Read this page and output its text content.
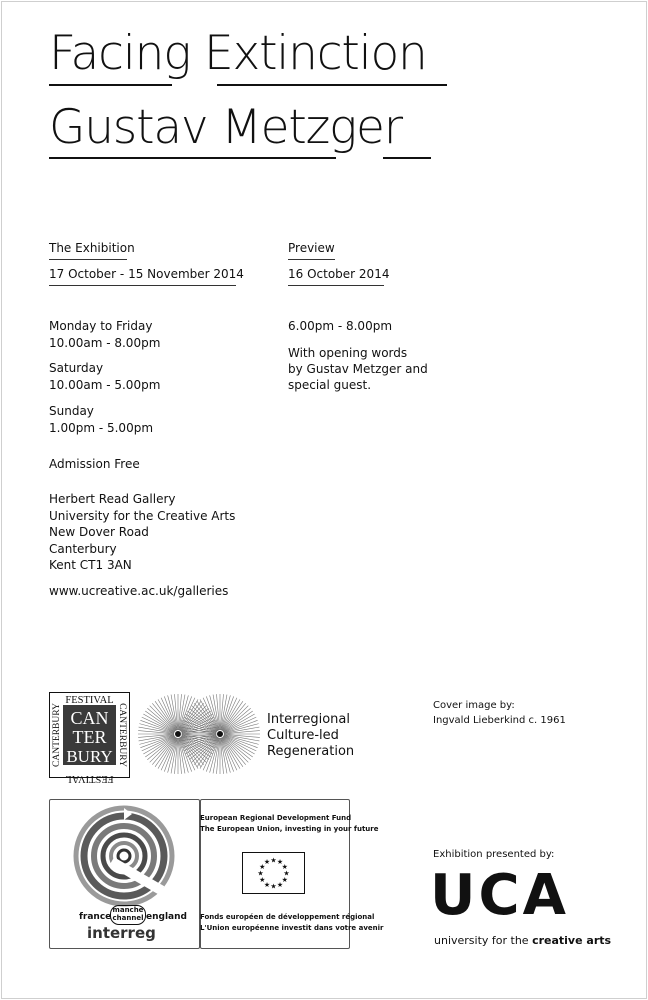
Facing Extinction
Gustav Metzger
The Exhibition
17 October - 15 November 2014
Preview
16 October 2014
Monday to Friday
10.00am - 8.00pm
Saturday
10.00am - 5.00pm
Sunday
1.00pm - 5.00pm
6.00pm - 8.00pm
With opening words
by Gustav Metzger and
special guest.
Admission Free
Herbert Read Gallery
University for the Creative Arts
New Dover Road
Canterbury
Kent CT1 3AN
www.ucreative.ac.uk/galleries
FESTIVAL
FESTIVAL
CANTERBURY	CANTERBURY
CAN
TER
BURY
Interregional
Culture-led
Regeneration
Cover image by:
Ingvald Lieberkind c. 1961
france
manche
channel england
interreg
European Regional Development Fund
The European Union, investing in your future
★
★
★
★
★
★
★
★
★ ★ ★
★
Fonds européen de développement régional
L'Union européenne investit dans votre avenir
Exhibition presented by:
UCA
university for the creative arts
